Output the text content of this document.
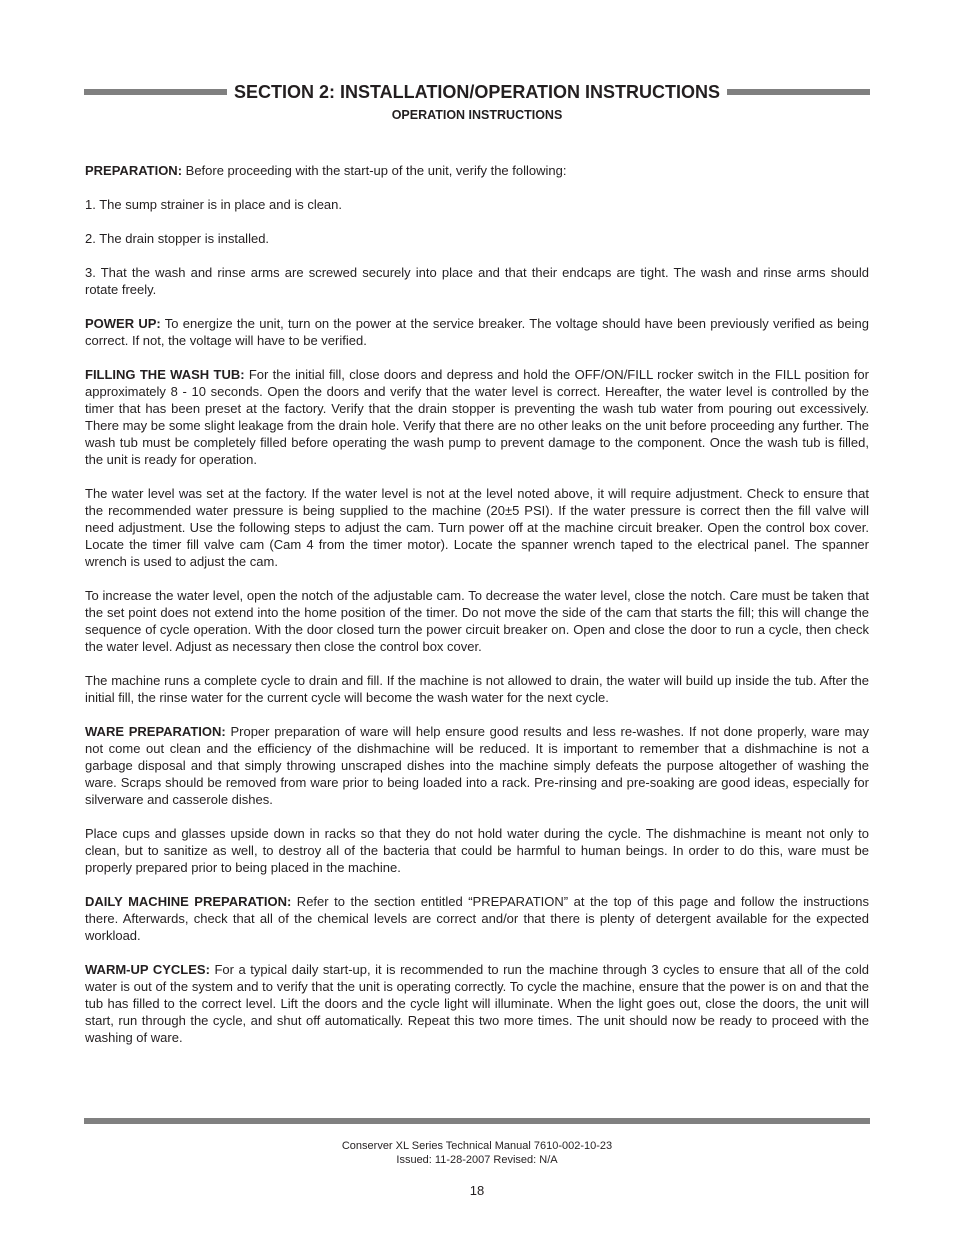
SECTION 2: INSTALLATION/OPERATION INSTRUCTIONS
OPERATION INSTRUCTIONS

PREPARATION: Before proceeding with the start-up of the unit, verify the following:

1. The sump strainer is in place and is clean.

2. The drain stopper is installed.

3. That the wash and rinse arms are screwed securely into place and that their endcaps are tight. The wash and rinse arms should rotate freely.

POWER UP: To energize the unit, turn on the power at the service breaker. The voltage should have been previously verified as being correct. If not, the voltage will have to be verified.

FILLING THE WASH TUB: For the initial fill, close doors and depress and hold the OFF/ON/FILL rocker switch in the FILL position for approximately 8 - 10 seconds. Open the doors and verify that the water level is correct. Hereafter, the water level is controlled by the timer that has been preset at the factory. Verify that the drain stopper is preventing the wash tub water from pouring out excessively. There may be some slight leakage from the drain hole. Verify that there are no other leaks on the unit before proceeding any further. The wash tub must be completely filled before operating the wash pump to prevent damage to the component. Once the wash tub is filled, the unit is ready for operation.

The water level was set at the factory. If the water level is not at the level noted above, it will require adjustment. Check to ensure that the recommended water pressure is being supplied to the machine (20±5 PSI). If the water pressure is correct then the fill valve will need adjustment. Use the following steps to adjust the cam. Turn power off at the machine circuit breaker. Open the control box cover. Locate the timer fill valve cam (Cam 4 from the timer motor). Locate the spanner wrench taped to the electrical panel. The spanner wrench is used to adjust the cam.

To increase the water level, open the notch of the adjustable cam. To decrease the water level, close the notch. Care must be taken that the set point does not extend into the home position of the timer. Do not move the side of the cam that starts the fill; this will change the sequence of cycle operation. With the door closed turn the power circuit breaker on. Open and close the door to run a cycle, then check the water level. Adjust as necessary then close the control box cover.

The machine runs a complete cycle to drain and fill. If the machine is not allowed to drain, the water will build up inside the tub. After the initial fill, the rinse water for the current cycle will become the wash water for the next cycle.

WARE PREPARATION: Proper preparation of ware will help ensure good results and less re-washes. If not done properly, ware may not come out clean and the efficiency of the dishmachine will be reduced. It is important to remember that a dishmachine is not a garbage disposal and that simply throwing unscraped dishes into the machine simply defeats the purpose altogether of washing the ware. Scraps should be removed from ware prior to being loaded into a rack. Pre-rinsing and pre-soaking are good ideas, especially for silverware and casserole dishes.

Place cups and glasses upside down in racks so that they do not hold water during the cycle. The dishmachine is meant not only to clean, but to sanitize as well, to destroy all of the bacteria that could be harmful to human beings. In order to do this, ware must be properly prepared prior to being placed in the machine.

DAILY MACHINE PREPARATION: Refer to the section entitled “PREPARATION” at the top of this page and follow the instructions there. Afterwards, check that all of the chemical levels are correct and/or that there is plenty of detergent available for the expected workload.

WARM-UP CYCLES: For a typical daily start-up, it is recommended to run the machine through 3 cycles to ensure that all of the cold water is out of the system and to verify that the unit is operating correctly. To cycle the machine, ensure that the power is on and that the tub has filled to the correct level. Lift the doors and the cycle light will illuminate. When the light goes out, close the doors, the unit will start, run through the cycle, and shut off automatically. Repeat this two more times. The unit should now be ready to proceed with the washing of ware.

Conserver XL Series Technical Manual 7610-002-10-23
Issued: 11-28-2007 Revised: N/A
18
